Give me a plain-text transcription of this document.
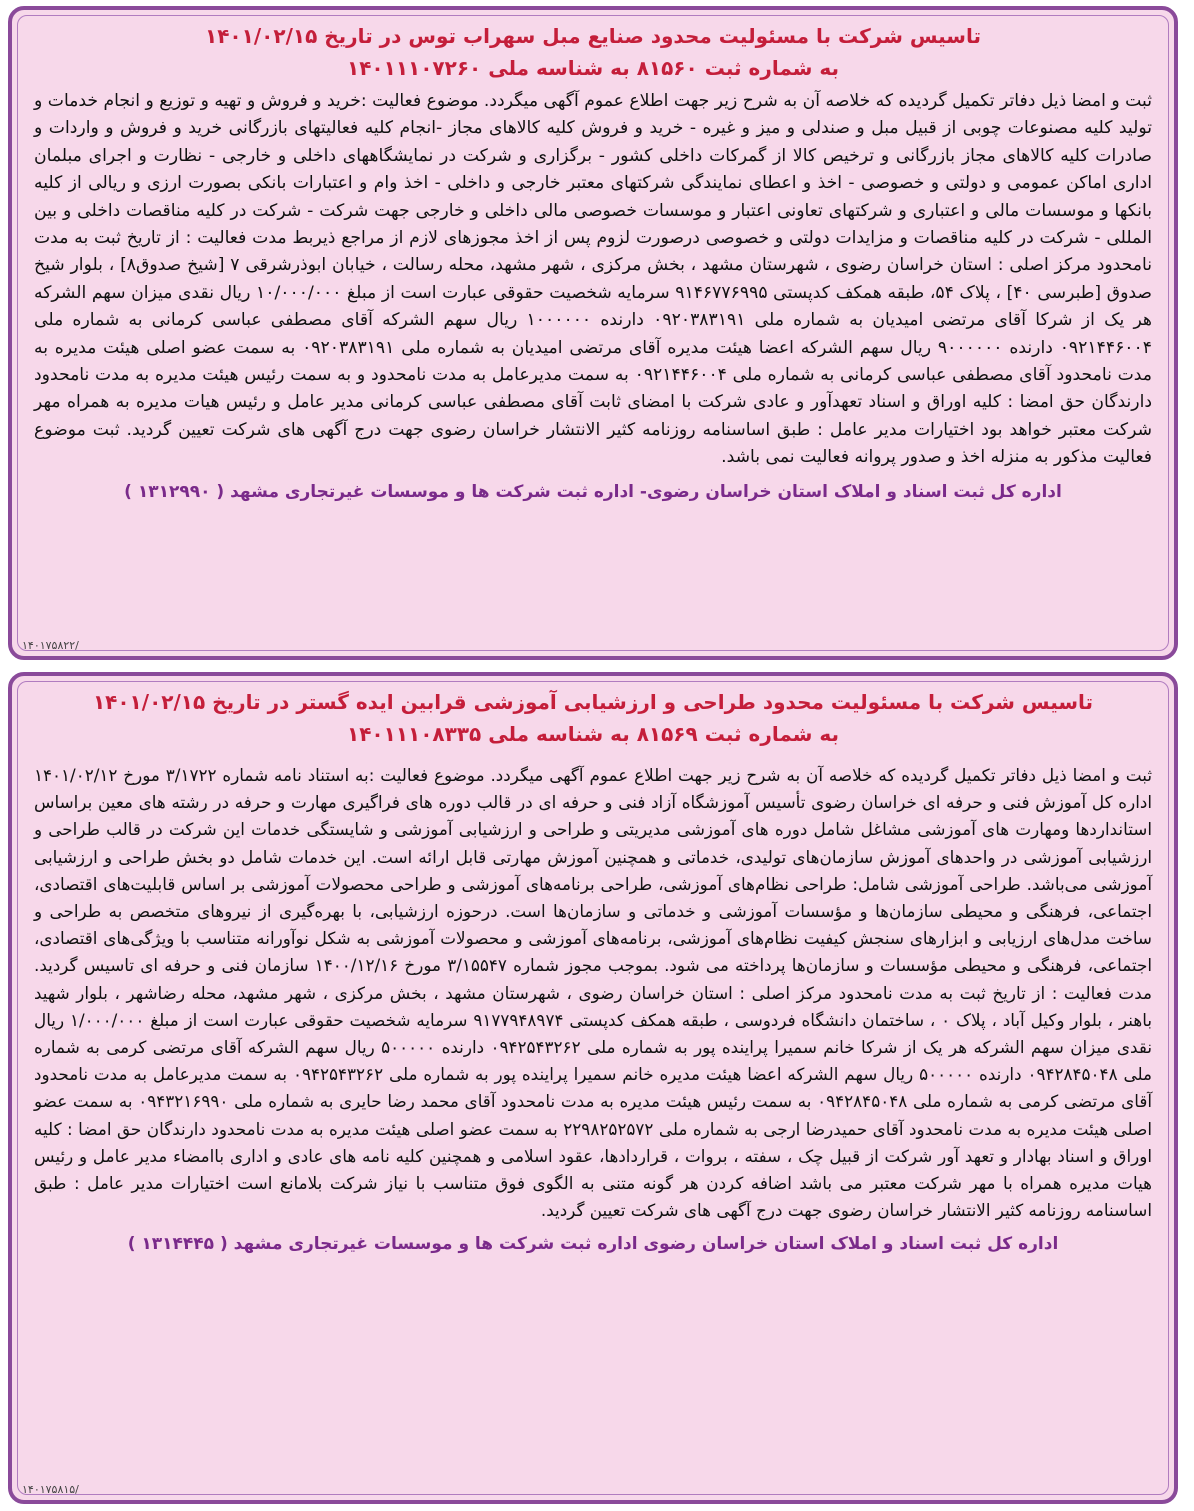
تاسیس شرکت با مسئولیت محدود صنایع مبل سهراب توس در تاریخ ۱۴۰۱/۰۲/۱۵
به شماره ثبت ۸۱۵۶۰ به شناسه ملی ۱۴۰۱۱۱۰۷۲۶۰
ثبت و امضا ذیل دفاتر تکمیل گردیده که خلاصه آن به شرح زیر جهت اطلاع عموم آگهی میگردد. موضوع فعالیت :خرید و فروش و تهیه و توزیع و انجام خدمات و تولید کلیه مصنوعات چوبی از قبیل مبل و صندلی و میز و غیره - خرید و فروش کلیه کالاهای مجاز -انجام کلیه فعالیتهای بازرگانی خرید و فروش و واردات و صادرات کلیه کالاهای مجاز بازرگانی و ترخیص کالا از گمرکات داخلی کشور - برگزاری و شرکت در نمایشگاههای داخلی و خارجی - نظارت و اجرای مبلمان اداری اماکن عمومی و دولتی و خصوصی - اخذ و اعطای نمایندگی شرکتهای معتبر خارجی و داخلی - اخذ وام و اعتبارات بانکی بصورت ارزی و ریالی از کلیه بانکها و موسسات مالی و اعتباری و شرکتهای تعاونی اعتبار و موسسات خصوصی مالی داخلی و خارجی جهت شرکت - شرکت در کلیه مناقصات داخلی و بین المللی - شرکت در کلیه مناقصات و مزایدات دولتی و خصوصی درصورت لزوم پس از اخذ مجوزهای لازم از مراجع ذیربط مدت فعالیت : از تاریخ ثبت به مدت نامحدود مرکز اصلی : استان خراسان رضوی ، شهرستان مشهد ، بخش مرکزی ، شهر مشهد، محله رسالت ، خیابان ابوذرشرقی ۷ [شیخ صدوق۸] ، بلوار شیخ صدوق [طبرسی ۴۰] ، پلاک ۵۴، طبقه همکف کدپستی ۹۱۴۶۷۷۶۹۹۵ سرمایه شخصیت حقوقی عبارت است از مبلغ ۱۰/۰۰۰/۰۰۰ ریال نقدی میزان سهم الشرکه هر یک از شرکا آقای مرتضی امیدیان به شماره ملی ۰۹۲۰۳۸۳۱۹۱ دارنده ۱۰۰۰۰۰۰ ریال سهم الشرکه آقای مصطفی عباسی کرمانی به شماره ملی ۰۹۲۱۴۴۶۰۰۴ دارنده ۹۰۰۰۰۰۰ ریال سهم الشرکه اعضا هیئت مدیره آقای مرتضی امیدیان به شماره ملی ۰۹۲۰۳۸۳۱۹۱ به سمت عضو اصلی هیئت مدیره به مدت نامحدود آقای مصطفی عباسی کرمانی به شماره ملی ۰۹۲۱۴۴۶۰۰۴ به سمت مدیرعامل به مدت نامحدود و به سمت رئیس هیئت مدیره به مدت نامحدود دارندگان حق امضا : کلیه اوراق و اسناد تعهدآور و عادی شرکت با امضای ثابت آقای مصطفی عباسی کرمانی مدیر عامل و رئیس هیات مدیره به همراه مهر شرکت معتبر خواهد بود اختیارات مدیر عامل : طبق اساسنامه روزنامه کثیر الانتشار خراسان رضوی جهت درج آگهی های شرکت تعیین گردید. ثبت موضوع فعالیت مذکور به منزله اخذ و صدور پروانه فعالیت نمی باشد.
اداره کل ثبت اسناد و املاک استان خراسان رضوی- اداره ثبت شرکت ها و موسسات غیرتجاری مشهد ( ۱۳۱۲۹۹۰ )
۱۴۰۱۷۵۸۲۲/
تاسیس شرکت با مسئولیت محدود طراحی و ارزشیابی آموزشی قرابین ایده گستر در تاریخ ۱۴۰۱/۰۲/۱۵
به شماره ثبت ۸۱۵۶۹ به شناسه ملی ۱۴۰۱۱۱۰۸۳۳۵
ثبت و امضا ذیل دفاتر تکمیل گردیده که خلاصه آن به شرح زیر جهت اطلاع عموم آگهی میگردد. موضوع فعالیت :به استناد نامه شماره ۳/۱۷۲۲ مورخ ۱۴۰۱/۰۲/۱۲ اداره کل آموزش فنی و حرفه ای خراسان رضوی تأسیس آموزشگاه آزاد فنی و حرفه ای در قالب دوره های فراگیری مهارت و حرفه در رشته های معین براساس استانداردها ومهارت های آموزشی مشاغل شامل دوره های آموزشی مدیریتی و طراحی و ارزشیابی آموزشی و شایستگی خدمات این شرکت در قالب طراحی و ارزشیابی آموزشی در واحدهای آموزش سازمان‌های تولیدی، خدماتی و همچنین آموزش مهارتی قابل ارائه است. این خدمات شامل دو بخش طراحی و ارزشیابی آموزشی می‌باشد. طراحی آموزشی شامل: طراحی نظام‌های آموزشی، طراحی برنامه‌های آموزشی و طراحی محصولات آموزشی بر اساس قابلیت‌های اقتصادی، اجتماعی، فرهنگی و محیطی سازمان‌ها و مؤسسات آموزشی و خدماتی و سازمان‌ها است. درحوزه ارزشیابی، با بهره‌گیری از نیروهای متخصص به طراحی و ساخت مدل‌های ارزیابی و ابزارهای سنجش کیفیت نظام‌های آموزشی، برنامه‌های آموزشی و محصولات آموزشی به شکل نوآورانه متناسب با ویژگی‌های اقتصادی، اجتماعی، فرهنگی و محیطی مؤسسات و سازمان‌ها پرداخته می شود. بموجب مجوز شماره ۳/۱۵۵۴۷ مورخ ۱۴۰۰/۱۲/۱۶ سازمان فنی و حرفه ای تاسیس گردید. مدت فعالیت : از تاریخ ثبت به مدت نامحدود مرکز اصلی : استان خراسان رضوی ، شهرستان مشهد ، بخش مرکزی ، شهر مشهد، محله رضاشهر ، بلوار شهید باهنر ، بلوار وکیل آباد ، پلاک ۰ ، ساختمان دانشگاه فردوسی ، طبقه همکف کدپستی ۹۱۷۷۹۴۸۹۷۴ سرمایه شخصیت حقوقی عبارت است از مبلغ ۱/۰۰۰/۰۰۰ ریال نقدی میزان سهم الشرکه هر یک از شرکا خانم سمیرا پراینده پور به شماره ملی ۰۹۴۲۵۴۳۲۶۲ دارنده ۵۰۰۰۰۰ ریال سهم الشرکه آقای مرتضی کرمی به شماره ملی ۰۹۴۲۸۴۵۰۴۸ دارنده ۵۰۰۰۰۰ ریال سهم الشرکه اعضا هیئت مدیره خانم سمیرا پراینده پور به شماره ملی ۰۹۴۲۵۴۳۲۶۲ به سمت مدیرعامل به مدت نامحدود آقای مرتضی کرمی به شماره ملی ۰۹۴۲۸۴۵۰۴۸ به سمت رئیس هیئت مدیره به مدت نامحدود آقای محمد رضا حایری به شماره ملی ۰۹۴۳۲۱۶۹۹۰ به سمت عضو اصلی هیئت مدیره به مدت نامحدود آقای حمیدرضا ارجی به شماره ملی ۲۲۹۸۲۵۲۵۷۲ به سمت عضو اصلی هیئت مدیره به مدت نامحدود دارندگان حق امضا : کلیه اوراق و اسناد بهادار و تعهد آور شرکت از قبیل چک ، سفته ، بروات ، قراردادها، عقود اسلامی و همچنین کلیه نامه های عادی و اداری باامضاء مدیر عامل و رئیس هیات مدیره همراه با مهر شرکت معتبر می باشد اضافه کردن هر گونه متنی به الگوی فوق متناسب با نیاز شرکت بلامانع است اختیارات مدیر عامل : طبق اساسنامه روزنامه کثیر الانتشار خراسان رضوی جهت درج آگهی های شرکت تعیین گردید.
اداره کل ثبت اسناد و املاک استان خراسان رضوی اداره ثبت شرکت ها و موسسات غیرتجاری مشهد ( ۱۳۱۴۴۴۵ )
۱۴۰۱۷۵۸۱۵/
